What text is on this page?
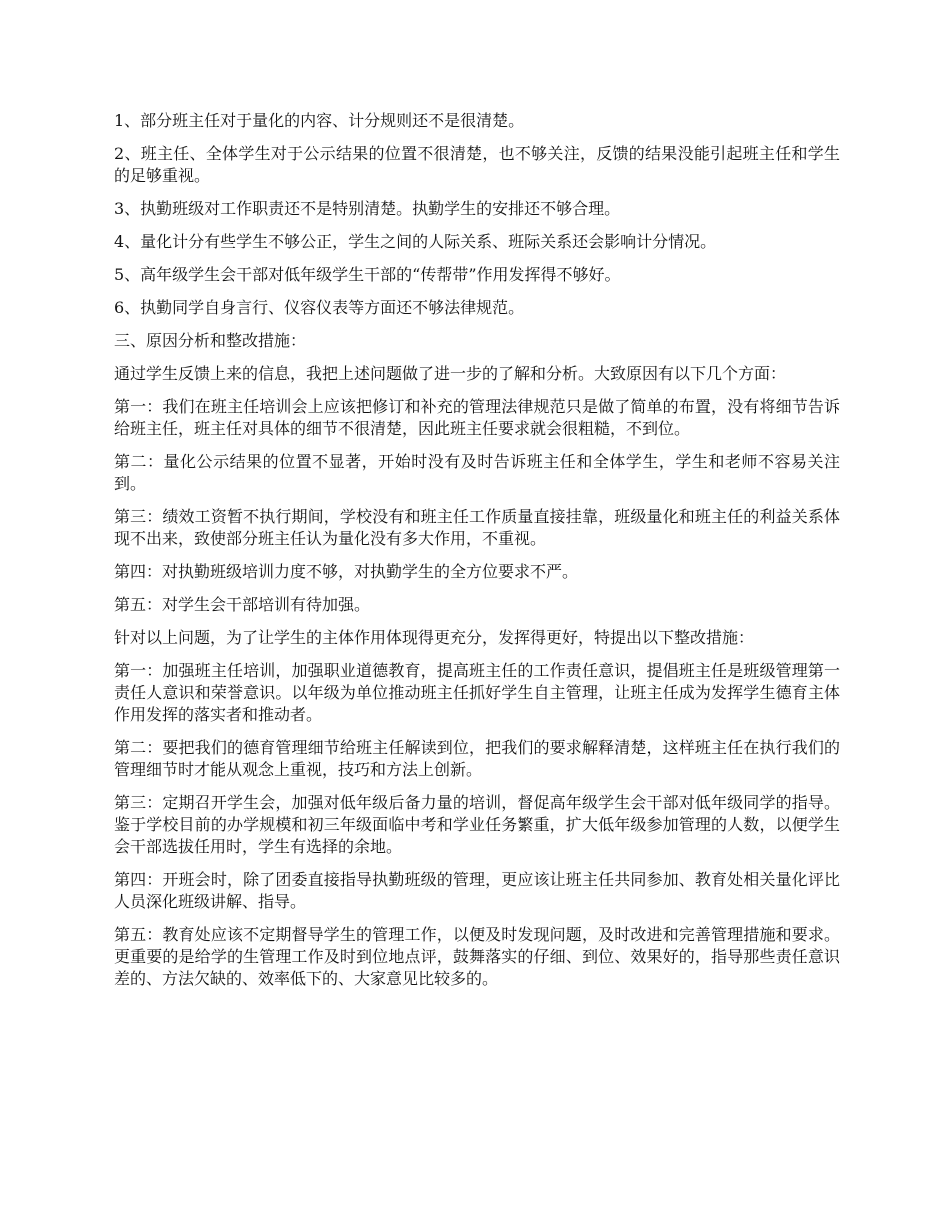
1、部分班主任对于量化的内容、计分规则还不是很清楚。

2、班主任、全体学生对于公示结果的位置不很清楚，也不够关注，反馈的结果没能引起班主任和学生的足够重视。

3、执勤班级对工作职责还不是特别清楚。执勤学生的安排还不够合理。

4、量化计分有些学生不够公正，学生之间的人际关系、班际关系还会影响计分情况。

5、高年级学生会干部对低年级学生干部的“传帮带”作用发挥得不够好。

6、执勤同学自身言行、仪容仪表等方面还不够法律规范。

三、原因分析和整改措施：

通过学生反馈上来的信息，我把上述问题做了进一步的了解和分析。大致原因有以下几个方面：

第一：我们在班主任培训会上应该把修订和补充的管理法律规范只是做了简单的布置，没有将细节告诉给班主任，班主任对具体的细节不很清楚，因此班主任要求就会很粗糙，不到位。

第二：量化公示结果的位置不显著，开始时没有及时告诉班主任和全体学生，学生和老师不容易关注到。

第三：绩效工资暂不执行期间，学校没有和班主任工作质量直接挂靠，班级量化和班主任的利益关系体现不出来，致使部分班主任认为量化没有多大作用，不重视。

第四：对执勤班级培训力度不够，对执勤学生的全方位要求不严。

第五：对学生会干部培训有待加强。

针对以上问题，为了让学生的主体作用体现得更充分，发挥得更好，特提出以下整改措施：

第一：加强班主任培训，加强职业道德教育，提高班主任的工作责任意识，提倡班主任是班级管理第一责任人意识和荣誉意识。以年级为单位推动班主任抓好学生自主管理，让班主任成为发挥学生德育主体作用发挥的落实者和推动者。

第二：要把我们的德育管理细节给班主任解读到位，把我们的要求解释清楚，这样班主任在执行我们的管理细节时才能从观念上重视，技巧和方法上创新。

第三：定期召开学生会，加强对低年级后备力量的培训，督促高年级学生会干部对低年级同学的指导。鉴于学校目前的办学规模和初三年级面临中考和学业任务繁重，扩大低年级参加管理的人数，以便学生会干部选拔任用时，学生有选择的余地。

第四：开班会时，除了团委直接指导执勤班级的管理，更应该让班主任共同参加、教育处相关量化评比人员深化班级讲解、指导。

第五：教育处应该不定期督导学生的管理工作，以便及时发现问题，及时改进和完善管理措施和要求。更重要的是给学的生管理工作及时到位地点评，鼓舞落实的仔细、到位、效果好的，指导那些责任意识差的、方法欠缺的、效率低下的、大家意见比较多的。
